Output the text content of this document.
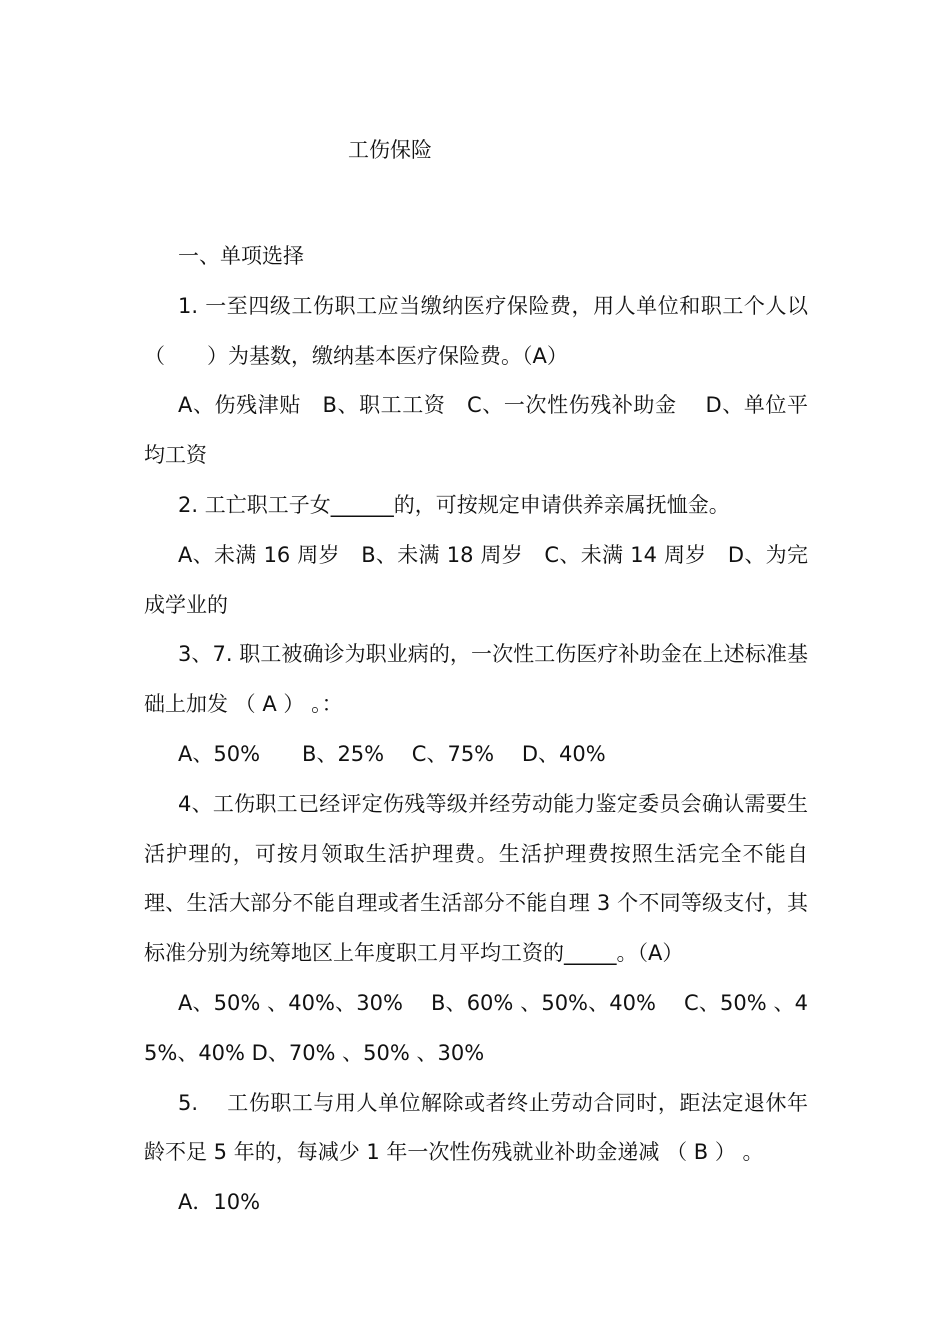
工伤保险

一、单项选择

1. 一至四级工伤职工应当缴纳医疗保险费，用人单位和职工个人以（　　）为基数，缴纳基本医疗保险费。（A）

A、伤残津贴　B、职工工资　C、一次性伤残补助金　 D、单位平均工资

2. 工亡职工子女______的，可按规定申请供养亲属抚恤金。

A、未满 16 周岁　B、未满 18 周岁　C、未满 14 周岁　D、为完成学业的

3、7. 职工被确诊为职业病的，一次性工伤医疗补助金在上述标准基础上加发 （ A ） 。：

A、50%　　B、25%　 C、75%　 D、40%

4、工伤职工已经评定伤残等级并经劳动能力鉴定委员会确认需要生活护理的，可按月领取生活护理费。生活护理费按照生活完全不能自理、生活大部分不能自理或者生活部分不能自理 3 个不同等级支付，其标准分别为统筹地区上年度职工月平均工资的_____。（A）

A、50% 、40%、30%　 B、60% 、50%、40%　 C、50% 、45%、40% D、70% 、50% 、30%

5.　 工伤职工与用人单位解除或者终止劳动合同时，距法定退休年龄不足 5 年的，每减少 1 年一次性伤残就业补助金递减 （ B ） 。

A．10%
